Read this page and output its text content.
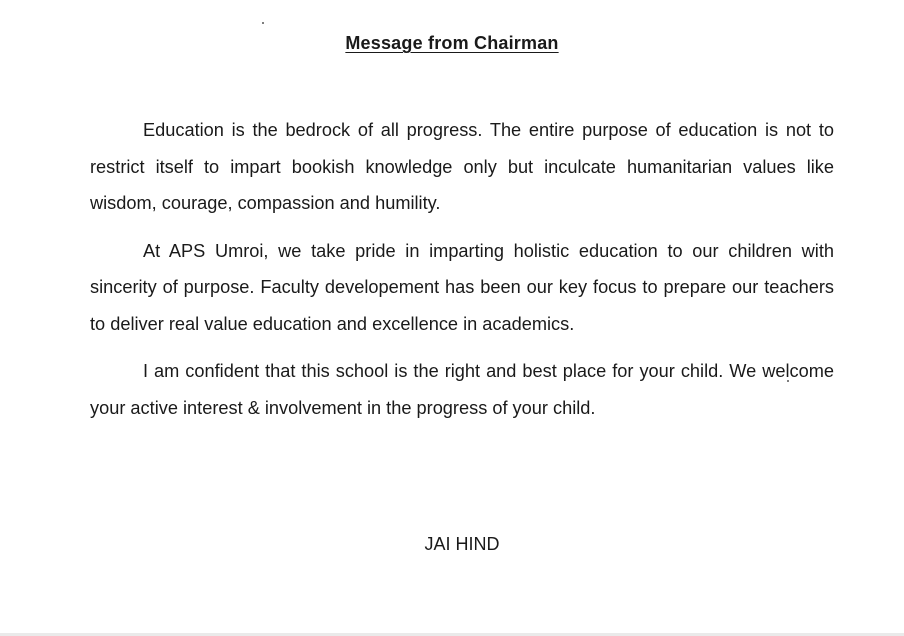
Message from Chairman

Education is the bedrock of all progress. The entire purpose of education is not to restrict itself to impart bookish knowledge only but inculcate humanitarian values like wisdom, courage, compassion and humility.

At APS Umroi, we take pride in imparting holistic education to our children with sincerity of purpose. Faculty developement has been our key focus to prepare our teachers to deliver real value education and excellence in academics.

I am confident that this school is the right and best place for your child. We welcome your active interest & involvement in the progress of your child.

JAI HIND
